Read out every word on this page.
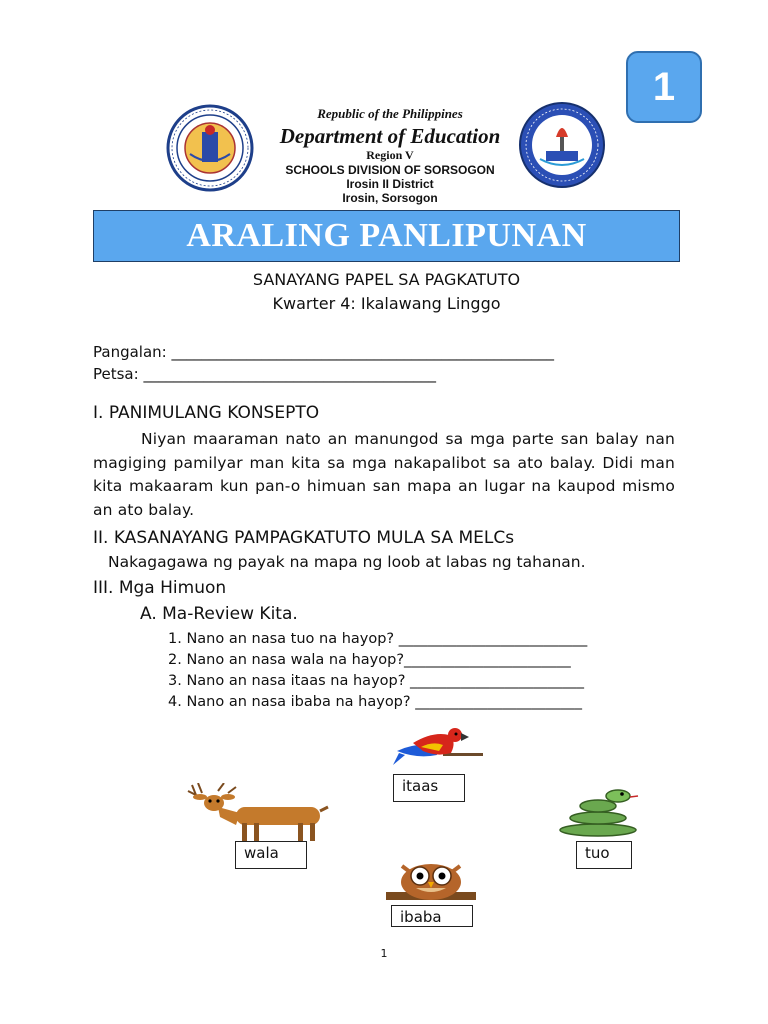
1
Republic of the Philippines
Department of Education
Region V
SCHOOLS DIVISION OF SORSOGON
Irosin II District
Irosin, Sorsogon
ARALING PANLIPUNAN
SANAYANG PAPEL SA PAGKATUTO
Kwarter 4: Ikalawang Linggo
Pangalan: ___________________________________________________
Petsa: _______________________________________
I. PANIMULANG KONSEPTO
Niyan maaraman nato an manungod sa mga parte san balay nan magiging pamilyar man kita sa mga nakapalibot sa ato balay. Didi man kita makaaram kun pan-o himuan san mapa an lugar na kaupod mismo an ato balay.
II. KASANAYANG PAMPAGKATUTO MULA SA MELCs
Nakagagawa ng payak na mapa ng loob at labas ng tahanan.
III. Mga Himuon
A. Ma-Review Kita.
1. Nano an nasa tuo na hayop? __________________________
2. Nano an nasa wala na hayop?_______________________
3. Nano an nasa itaas na hayop? ________________________
4. Nano an nasa ibaba na hayop? _______________________
itaas
wala	tuo
ibaba
1
